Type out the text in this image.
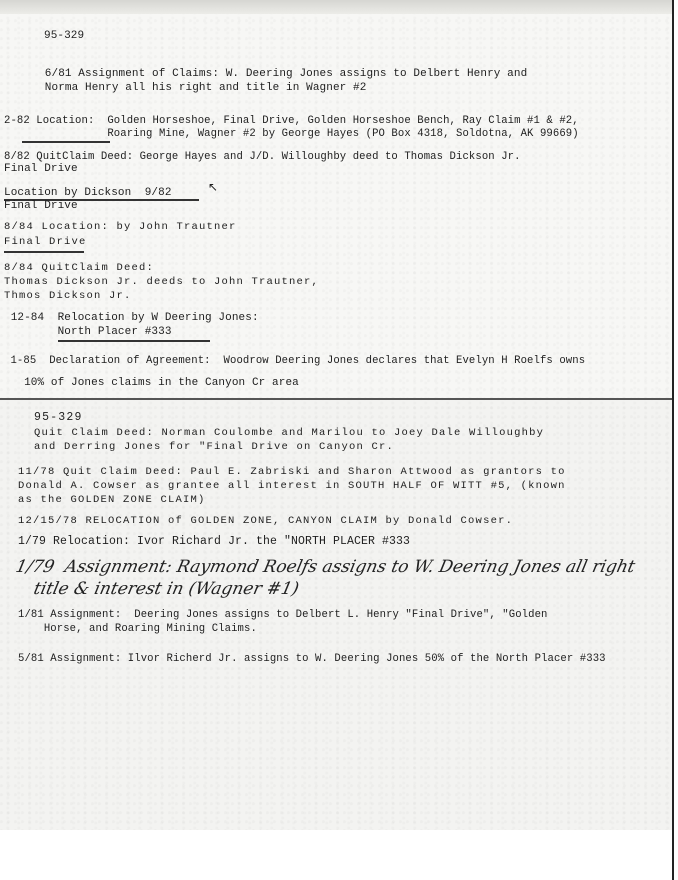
95-329
6/81 Assignment of Claims: W. Deering Jones assigns to Delbert Henry and
Norma Henry all his right and title in Wagner #2
2-82 Location:  Golden Horseshoe, Final Drive, Golden Horseshoe Bench, Ray Claim #1 & #2,
Roaring Mine, Wagner #2 by George Hayes (PO Box 4318, Soldotna, AK 99669)
8/82 QuitClaim Deed: George Hayes and J/D. Willoughby deed to Thomas Dickson Jr.
Final Drive
Location by Dickson  9/82	↖
Final Drive
8/84 Location: by John Trautner
Final Drive
8/84 QuitClaim Deed:
Thomas Dickson Jr. deeds to John Trautner,
Thmos Dickson Jr.
12-84  Relocation by W Deering Jones:
North Placer #333
1-85  Declaration of Agreement:  Woodrow Deering Jones declares that Evelyn H Roelfs owns
10% of Jones claims in the Canyon Cr area
95-329
Quit Claim Deed: Norman Coulombe and Marilou to Joey Dale Willoughby
and Derring Jones for "Final Drive on Canyon Cr.
11/78 Quit Claim Deed: Paul E. Zabriski and Sharon Attwood as grantors to
Donald A. Cowser as grantee all interest in SOUTH HALF OF WITT #5, (known
as the GOLDEN ZONE CLAIM)
12/15/78 RELOCATION of GOLDEN ZONE, CANYON CLAIM by Donald Cowser.
1/79 Relocation: Ivor Richard Jr. the "NORTH PLACER #333
1/79  Assignment: Raymond Roelfs assigns to W. Deering Jones all right
title & interest in (Wagner #1)
1/81 Assignment:  Deering Jones assigns to Delbert L. Henry "Final Drive", "Golden
Horse, and Roaring Mining Claims.
5/81 Assignment: Ilvor Richerd Jr. assigns to W. Deering Jones 50% of the North Placer #333
